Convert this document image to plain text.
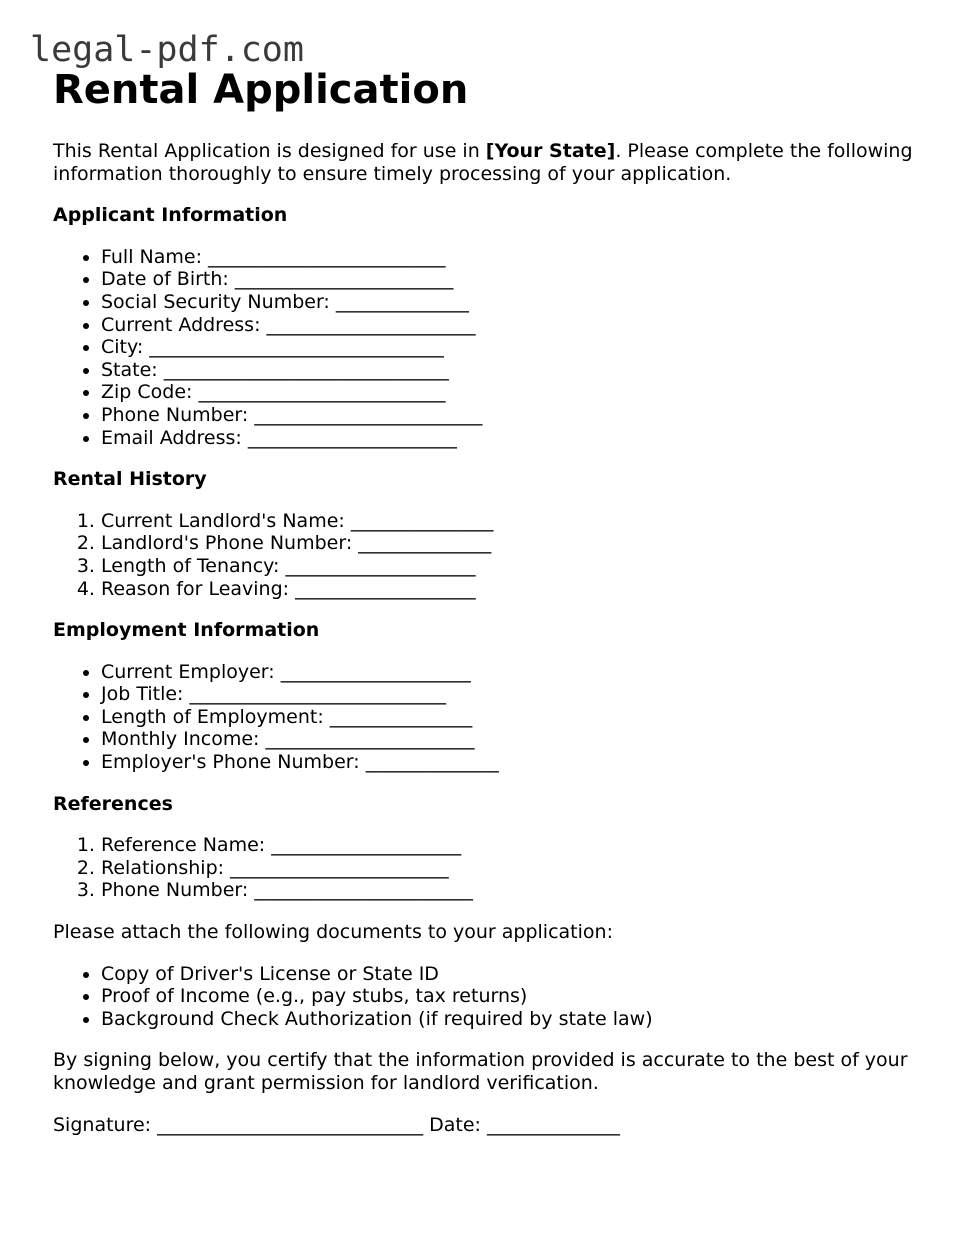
legal-pdf.com
Rental Application

This Rental Application is designed for use in [Your State]. Please complete the following information thoroughly to ensure timely processing of your application.

Applicant Information
• Full Name: _________________________
• Date of Birth: _______________________
• Social Security Number: ______________
• Current Address: ______________________
• City: _______________________________
• State: ______________________________
• Zip Code: __________________________
• Phone Number: ________________________
• Email Address: ______________________
Rental History
1. Current Landlord's Name: _______________
2. Landlord's Phone Number: ______________
3. Length of Tenancy: ____________________
4. Reason for Leaving: ___________________
Employment Information
• Current Employer: ____________________
• Job Title: ___________________________
• Length of Employment: _______________
• Monthly Income: ______________________
• Employer's Phone Number: ______________
References
1. Reference Name: ____________________
2. Relationship: _______________________
3. Phone Number: _______________________

Please attach the following documents to your application:

• Copy of Driver's License or State ID
• Proof of Income (e.g., pay stubs, tax returns)
• Background Check Authorization (if required by state law)

By signing below, you certify that the information provided is accurate to the best of your knowledge and grant permission for landlord verification.

Signature: ____________________________ Date: ______________
